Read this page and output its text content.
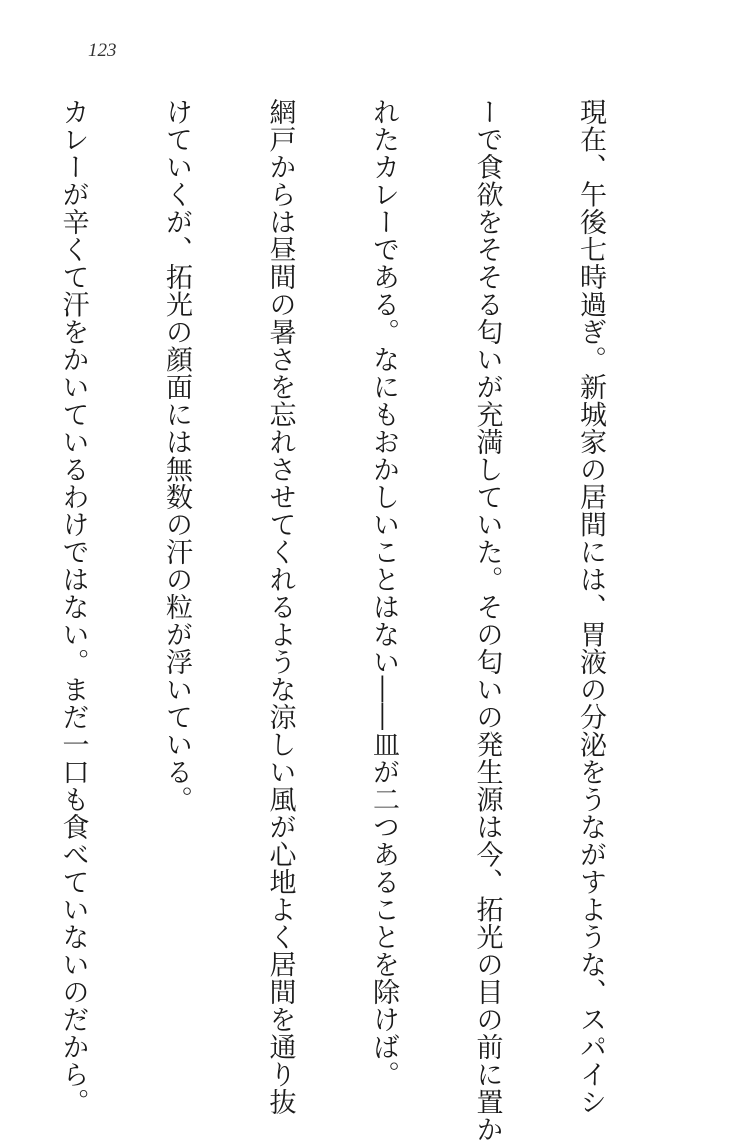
123

現在、午後七時過ぎ。新城家の居間には、胃液の分泌をうながすような、スパイシ

ーで食欲をそそる匂いが充満していた。その匂いの発生源は今、拓光の目の前に置か

れたカレーである。なにもおかしいことはない――皿が二つあることを除けば。

網戸からは昼間の暑さを忘れさせてくれるような涼しい風が心地よく居間を通り抜

けていくが、拓光の顔面には無数の汗の粒が浮いている。

カレーが辛くて汗をかいているわけではない。まだ一口も食べていないのだから。
